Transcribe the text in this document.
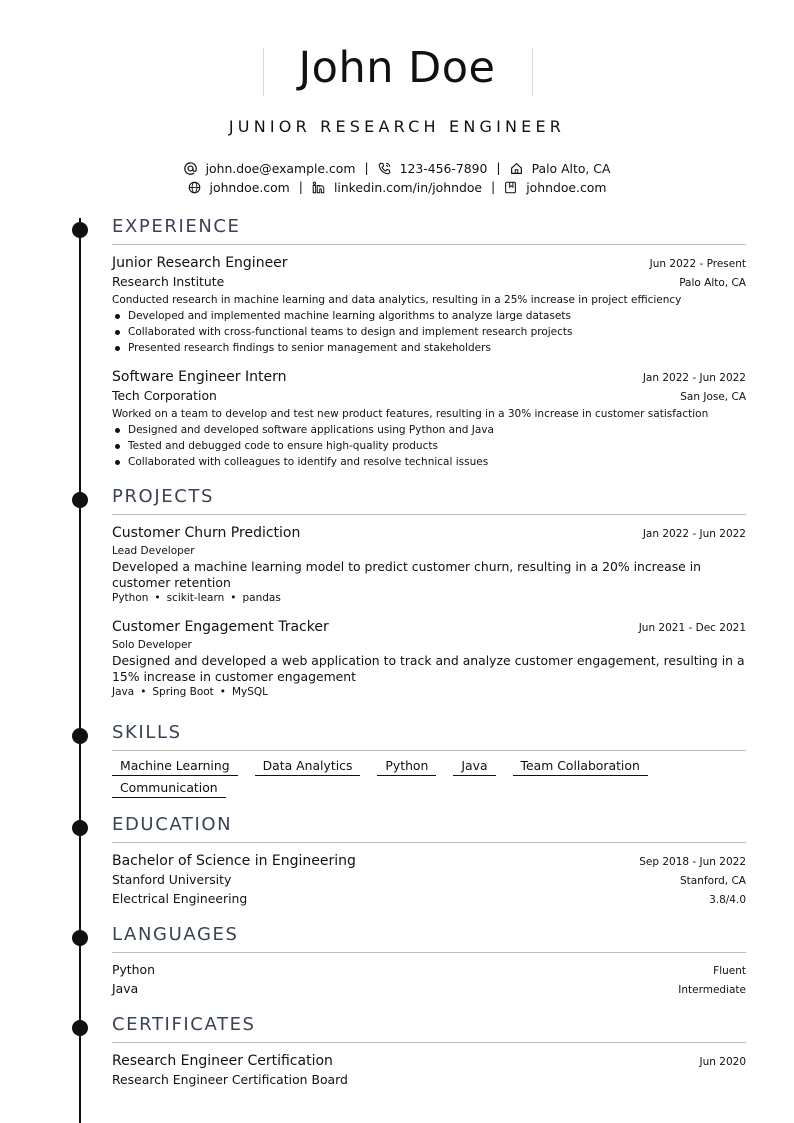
John Doe
JUNIOR RESEARCH ENGINEER
john.doe@example.com |	123-456-7890 |	Palo Alto, CA
johndoe.com |	linkedin.com/in/johndoe |	johndoe.com
EXPERIENCE
Junior Research Engineer	Jun 2022 - Present
Research Institute	Palo Alto, CA
Conducted research in machine learning and data analytics, resulting in a 25% increase in project efficiency
Developed and implemented machine learning algorithms to analyze large datasets
Collaborated with cross-functional teams to design and implement research projects
Presented research findings to senior management and stakeholders
Software Engineer Intern	Jan 2022 - Jun 2022
Tech Corporation	San Jose, CA
Worked on a team to develop and test new product features, resulting in a 30% increase in customer satisfaction
Designed and developed software applications using Python and Java
Tested and debugged code to ensure high-quality products
Collaborated with colleagues to identify and resolve technical issues
PROJECTS
Customer Churn Prediction	Jan 2022 - Jun 2022
Lead Developer
Developed a machine learning model to predict customer churn, resulting in a 20% increase in customer retention
Python • scikit-learn • pandas
Customer Engagement Tracker	Jun 2021 - Dec 2021
Solo Developer
Designed and developed a web application to track and analyze customer engagement, resulting in a 15% increase in customer engagement
Java • Spring Boot • MySQL
SKILLS
Machine Learning	Data Analytics	Python	Java	Team Collaboration
Communication
EDUCATION
Bachelor of Science in Engineering	Sep 2018 - Jun 2022
Stanford University	Stanford, CA
Electrical Engineering	3.8/4.0
LANGUAGES
Python	Fluent
Java	Intermediate
CERTIFICATES
Research Engineer Certification	Jun 2020
Research Engineer Certification Board
